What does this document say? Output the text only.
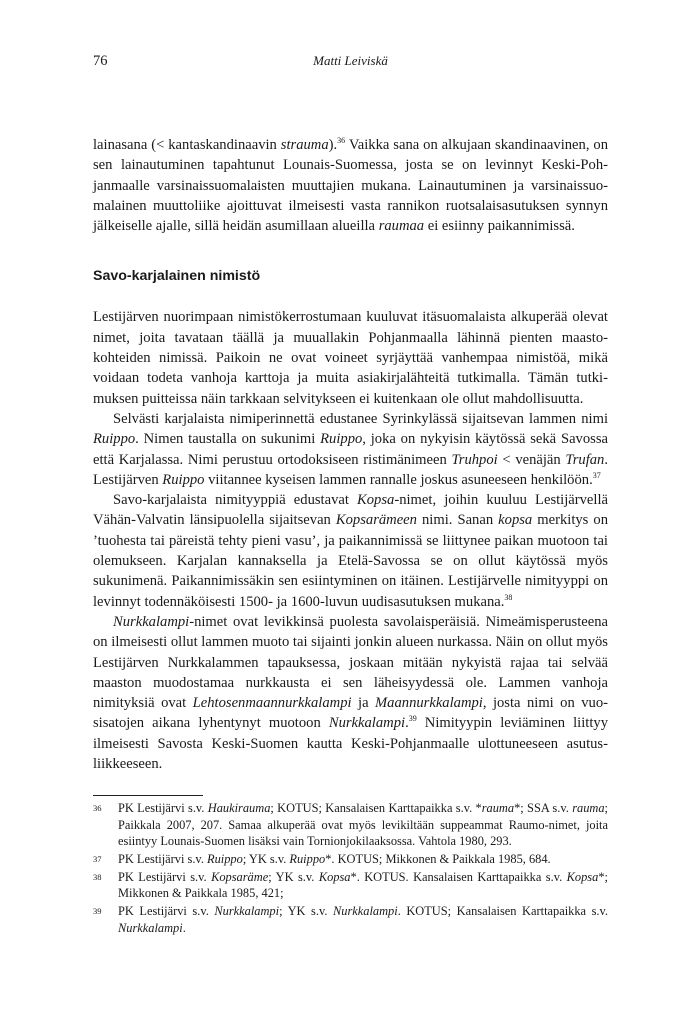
76	Matti Leiviskä

lainasana (< kantaskandinaavin strauma).$^{36}$ Vaikka sana on alkujaan skandinaavinen, on sen lainautuminen tapahtunut Lounais-Suomessa, josta se on levinnyt Keski-Pohjanmaalle varsinaissuomalaisten muuttajien mukana. Lainautuminen ja varsinaissuomalainen muuttoliike ajoittuvat ilmeisesti vasta rannikon ruotsalaisasutuksen synnyn jälkeiselle ajalle, sillä heidän asumillaan alueilla raumaa ei esiinny paikannimissä.

Savo-karjalainen nimistö

Lestijärven nuorimpaan nimistökerrostumaan kuuluvat itäsuomalaista alkuperää olevat nimet, joita tavataan täällä ja muuallakin Pohjanmaalla lähinnä pienten maastokohteiden nimissä. Paikoin ne ovat voineet syrjäyttää vanhempaa nimistöä, mikä voidaan todeta vanhoja karttoja ja muita asiakirjalähteitä tutkimalla. Tämän tutkimuksen puitteissa näin tarkkaan selvitykseen ei kuitenkaan ole ollut mahdollisuutta.

Selvästi karjalaista nimiperinnettä edustanee Syrinkylässä sijaitsevan lammen nimi Ruippo. Nimen taustalla on sukunimi Ruippo, joka on nykyisin käytössä sekä Savossa että Karjalassa. Nimi perustuu ortodoksiseen ristimänimeen Truhpoi < venäjän Trufan. Lestijärven Ruippo viitannee kyseisen lammen rannalle joskus asuneeseen henkilöön.$^{37}$

Savo-karjalaista nimityyppiä edustavat Kopsa-nimet, joihin kuuluu Lestijärvellä Vähän-Valvatin länsipuolella sijaitsevan Kopsarämeen nimi. Sanan kopsa merkitys on ’tuohesta tai päreistä tehty pieni vasu’, ja paikannimissä se liittynee paikan muotoon tai olemukseen. Karjalan kannaksella ja Etelä-Savossa se on ollut käytössä myös sukunimenä. Paikannimissäkin sen esiintyminen on itäinen. Lestijärvelle nimityyppi on levinnyt todennäköisesti 1500- ja 1600-luvun uudisasutuksen mukana.$^{38}$

Nurkkalampi-nimet ovat levikkinsä puolesta savolaisperäisiä. Nimeämisperusteena on ilmeisesti ollut lammen muoto tai sijainti jonkin alueen nurkassa. Näin on ollut myös Lestijärven Nurkkalammen tapauksessa, joskaan mitään nykyistä rajaa tai selvää maaston muodostamaa nurkkausta ei sen läheisyydessä ole. Lammen vanhoja nimityksiä ovat Lehtosenmaannurkkalampi ja Maannurkkalampi, josta nimi on vuosisatojen aikana lyhentynyt muotoon Nurkkalampi.$^{39}$ Nimityypin leviäminen liittyy ilmeisesti Savosta Keski-Suomen kautta Keski-Pohjanmaalle ulottuneeseen asutusliikkeeseen.

36 PK Lestijärvi s.v. Haukirauma; KOTUS; Kansalaisen Karttapaikka s.v. *rauma*; SSA s.v. rauma; Paikkala 2007, 207. Samaa alkuperää ovat myös levikiltään suppeammat Raumo-nimet, joita esiintyy Lounais-Suomen lisäksi vain Tornionjokilaaksossa. Vahtola 1980, 293.
37 PK Lestijärvi s.v. Ruippo; YK s.v. Ruippo*. KOTUS; Mikkonen & Paikkala 1985, 684.
38 PK Lestijärvi s.v. Kopsaräme; YK s.v. Kopsa*. KOTUS. Kansalaisen Karttapaikka s.v. Kopsa*; Mikkonen & Paikkala 1985, 421;
39 PK Lestijärvi s.v. Nurkkalampi; YK s.v. Nurkkalampi. KOTUS; Kansalaisen Karttapaikka s.v. Nurkkalampi.
